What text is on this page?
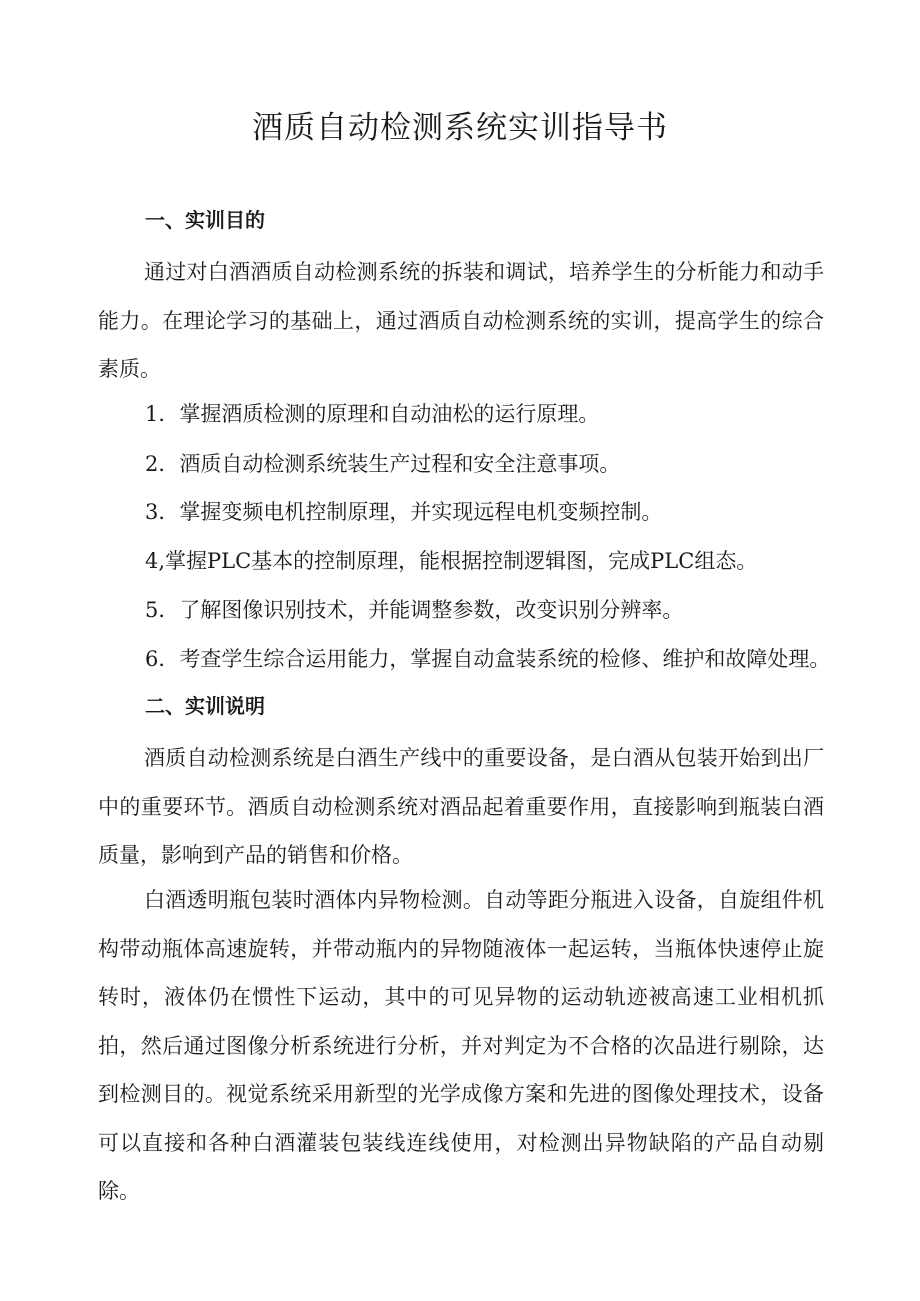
酒质自动检测系统实训指导书
一、实训目的

通过对白酒酒质自动检测系统的拆装和调试，培养学生的分析能力和动手能力。在理论学习的基础上，通过酒质自动检测系统的实训，提高学生的综合素质。

1．掌握酒质检测的原理和自动油松的运行原理。

2．酒质自动检测系统装生产过程和安全注意事项。

3．掌握变频电机控制原理，并实现远程电机变频控制。

4,掌握PLC基本的控制原理，能根据控制逻辑图，完成PLC组态。

5．了解图像识别技术，并能调整参数，改变识别分辨率。

6．考查学生综合运用能力，掌握自动盒装系统的检修、维护和故障处理。

二、实训说明

酒质自动检测系统是白酒生产线中的重要设备，是白酒从包装开始到出厂中的重要环节。酒质自动检测系统对酒品起着重要作用，直接影响到瓶装白酒质量，影响到产品的销售和价格。

白酒透明瓶包装时酒体内异物检测。自动等距分瓶进入设备，自旋组件机构带动瓶体高速旋转，并带动瓶内的异物随液体一起运转，当瓶体快速停止旋转时，液体仍在惯性下运动，其中的可见异物的运动轨迹被高速工业相机抓拍，然后通过图像分析系统进行分析，并对判定为不合格的次品进行剔除，达到检测目的。视觉系统采用新型的光学成像方案和先进的图像处理技术，设备可以直接和各种白酒灌装包装线连线使用，对检测出异物缺陷的产品自动剔除。
